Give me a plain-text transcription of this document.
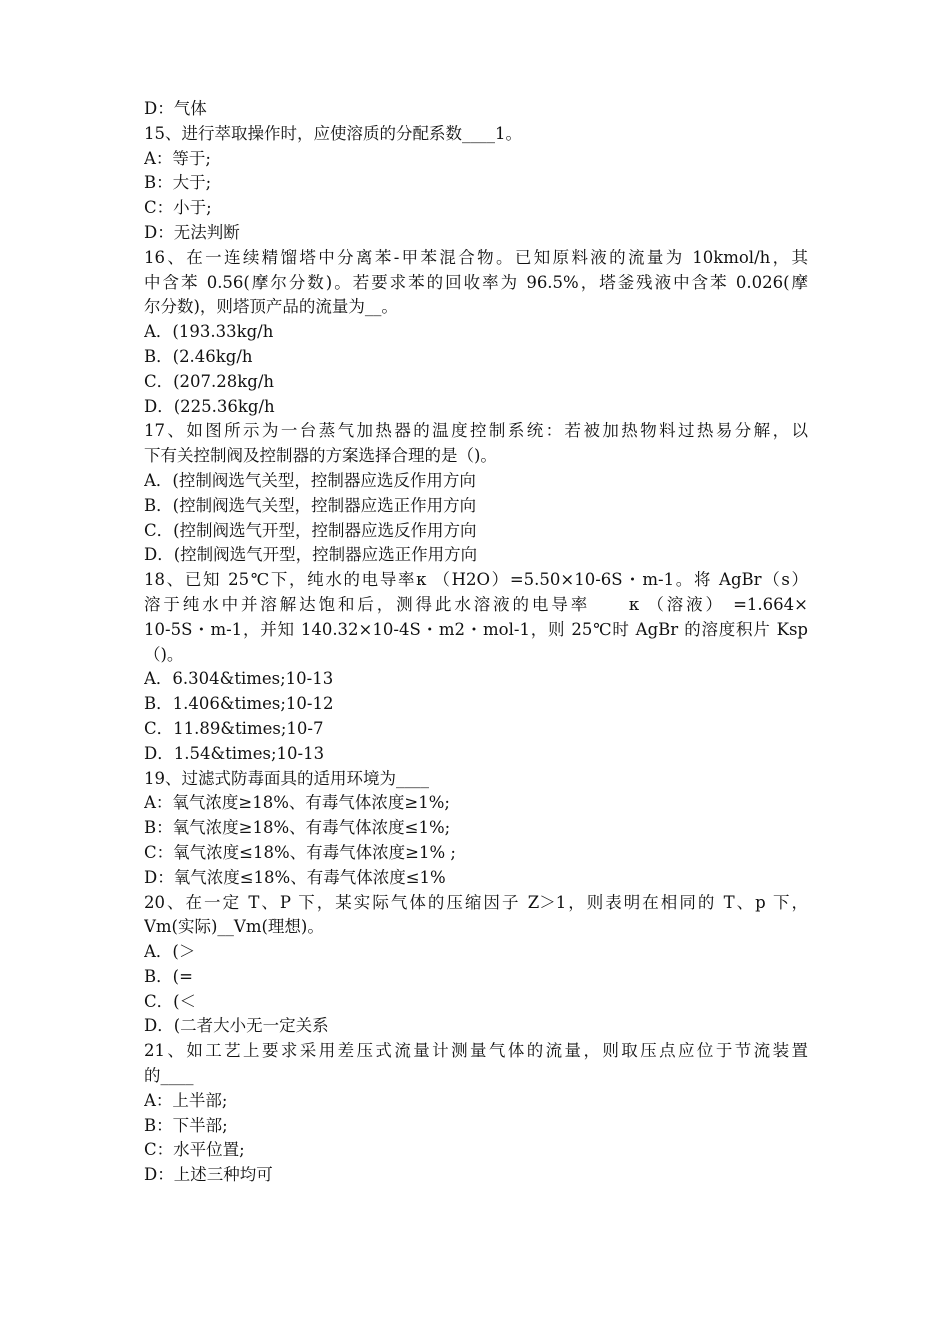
D：气体
15、进行萃取操作时，应使溶质的分配系数____1。
A：等于;
B：大于;
C：小于;
D：无法判断
16、在一连续精馏塔中分离苯-甲苯混合物。已知原料液的流量为 10kmol/h，其
中含苯 0.56(摩尔分数)。若要求苯的回收率为 96.5%，塔釜残液中含苯 0.026(摩
尔分数)，则塔顶产品的流量为__。
A．(193.33kg/h
B．(2.46kg/h
C．(207.28kg/h
D．(225.36kg/h
17、如图所示为一台蒸气加热器的温度控制系统：若被加热物料过热易分解，以
下有关控制阀及控制器的方案选择合理的是（)。
A．(控制阀选气关型，控制器应选反作用方向
B．(控制阀选气关型，控制器应选正作用方向
C．(控制阀选气开型，控制器应选反作用方向
D．(控制阀选气开型，控制器应选正作用方向
18、已知 25℃下，纯水的电导率κ （H2O）=5.50×10-6S・m-1。将 AgBr（s）
溶于纯水中并溶解达饱和后，测得此水溶液的电导率　　κ （溶液） =1.664×
10-5S・m-1，并知 140.32×10-4S・m2・mol-1，则 25℃时 AgBr 的溶度积片 Ksp
（)。
A．6.304&times;10-13
B．1.406&times;10-12
C．11.89&times;10-7
D．1.54&times;10-13
19、过滤式防毒面具的适用环境为____
A：氧气浓度≥18%、有毒气体浓度≥1%;
B：氧气浓度≥18%、有毒气体浓度≤1%;
C：氧气浓度≤18%、有毒气体浓度≥1% ;
D：氧气浓度≤18%、有毒气体浓度≤1%
20、在一定 T、P 下，某实际气体的压缩因子 Z＞1，则表明在相同的 T、p 下，
Vm(实际)__Vm(理想)。
A．(＞
B．(=
C．(＜
D．(二者大小无一定关系
21、如工艺上要求采用差压式流量计测量气体的流量，则取压点应位于节流装置
的____
A：上半部;
B：下半部;
C：水平位置;
D：上述三种均可
